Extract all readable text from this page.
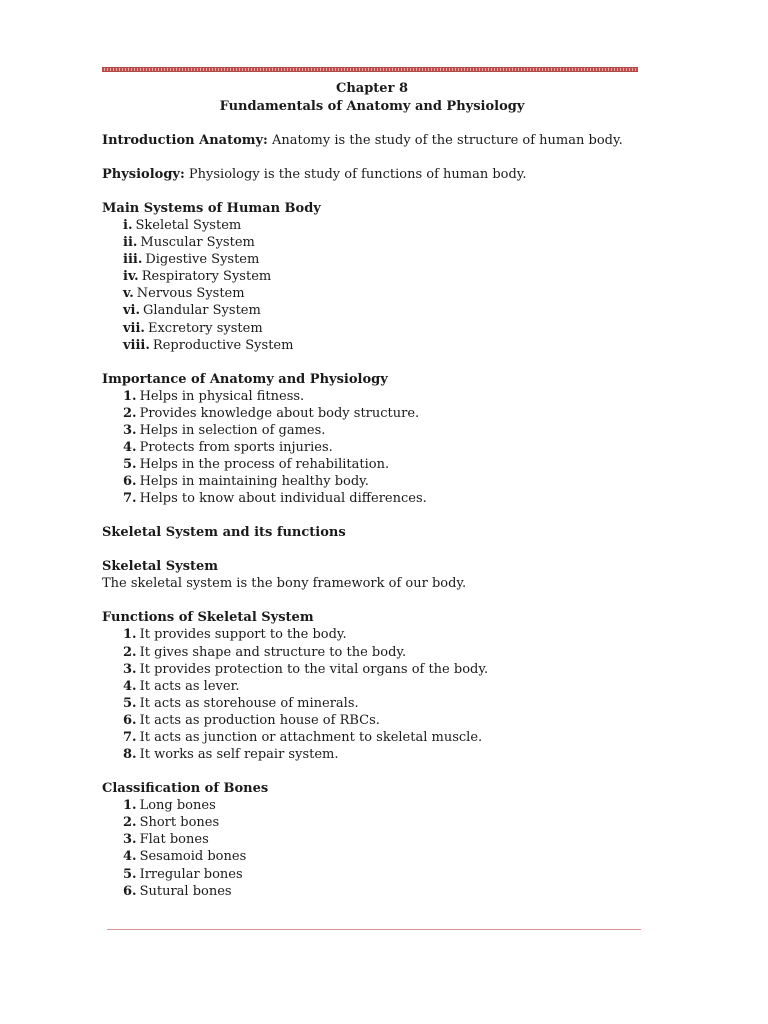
Chapter 8

Fundamentals of Anatomy and Physiology

Introduction Anatomy: Anatomy is the study of the structure of human body.

Physiology: Physiology is the study of functions of human body.

Main Systems of Human Body

i. Skeletal System
ii. Muscular System
iii. Digestive System
iv. Respiratory System
v. Nervous System
vi. Glandular System
vii. Excretory system
viii. Reproductive System

Importance of Anatomy and Physiology

1. Helps in physical fitness.
2. Provides knowledge about body structure.
3. Helps in selection of games.
4. Protects from sports injuries.
5. Helps in the process of rehabilitation.
6. Helps in maintaining healthy body.
7. Helps to know about individual differences.

Skeletal System and its functions

Skeletal System

The skeletal system is the bony framework of our body.

Functions of Skeletal System

1. It provides support to the body.
2. It gives shape and structure to the body.
3. It provides protection to the vital organs of the body.
4. It acts as lever.
5. It acts as storehouse of minerals.
6. It acts as production house of RBCs.
7. It acts as junction or attachment to skeletal muscle.
8. It works as self repair system.

Classification of Bones

1. Long bones
2. Short bones
3. Flat bones
4. Sesamoid bones
5. Irregular bones
6. Sutural bones
